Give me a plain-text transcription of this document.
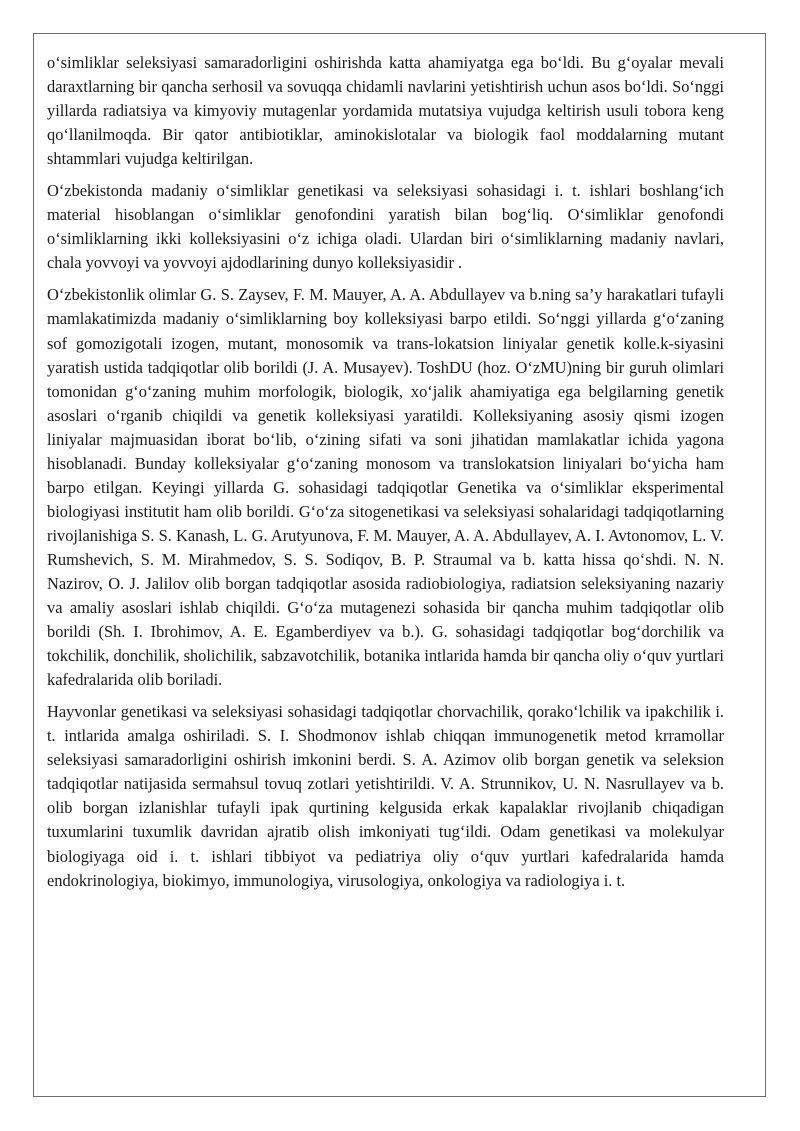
o‘simliklar seleksiyasi samaradorligini oshirishda katta ahamiyatga ega bo‘ldi. Bu g‘oyalar mevali daraxtlarning bir qancha serhosil va sovuqqa chidamli navlarini yetishtirish uchun asos bo‘ldi. So‘nggi yillarda radiatsiya va kimyoviy mutagenlar yordamida mutatsiya vujudga keltirish usuli tobora keng qo‘llanilmoqda. Bir qator antibiotiklar, aminokislotalar va biologik faol moddalarning mutant shtammlari vujudga keltirilgan.

O‘zbekistonda madaniy o‘simliklar genetikasi va seleksiyasi sohasidagi i. t. ishlari boshlang‘ich material hisoblangan o‘simliklar genofondini yaratish bilan bog‘liq. O‘simliklar genofondi o‘simliklarning ikki kolleksiyasini o‘z ichiga oladi. Ulardan biri o‘simliklarning madaniy navlari, chala yovvoyi va yovvoyi ajdodlarining dunyo kolleksiyasidir .

O‘zbekistonlik olimlar G. S. Zaysev, F. M. Mauyer, A. A. Abdullayev va b.ning sa’y harakatlari tufayli mamlakatimizda madaniy o‘simliklarning boy kolleksiyasi barpo etildi. So‘nggi yillarda g‘o‘zaning sof gomozigotali izogen, mutant, monosomik va trans-lokatsion liniyalar genetik kolle.k-siyasini yaratish ustida tadqiqotlar olib borildi (J. A. Musayev). ToshDU (hoz. O‘zMU)ning bir guruh olimlari tomonidan g‘o‘zaning muhim morfologik, biologik, xo‘jalik ahamiyatiga ega belgilarning genetik asoslari o‘rganib chiqildi va genetik kolleksiyasi yaratildi. Kolleksiyaning asosiy qismi izogen liniyalar majmuasidan iborat bo‘lib, o‘zining sifati va soni jihatidan mamlakatlar ichida yagona hisoblanadi. Bunday kolleksiyalar g‘o‘zaning monosom va translokatsion liniyalari bo‘yicha ham barpo etilgan. Keyingi yillarda G. sohasidagi tadqiqotlar Genetika va o‘simliklar eksperimental biologiyasi institutit ham olib borildi. G‘o‘za sitogenetikasi va seleksiyasi sohalaridagi tadqiqotlarning rivojlanishiga S. S. Kanash, L. G. Arutyunova, F. M. Mauyer, A. A. Abdullayev, A. I. Avtonomov, L. V. Rumshevich, S. M. Mirahmedov, S. S. Sodiqov, B. P. Straumal va b. katta hissa qo‘shdi. N. N. Nazirov, O. J. Jalilov olib borgan tadqiqotlar asosida radiobiologiya, radiatsion seleksiyaning nazariy va amaliy asoslari ishlab chiqildi. G‘o‘za mutagenezi sohasida bir qancha muhim tadqiqotlar olib borildi (Sh. I. Ibrohimov, A. E. Egamberdiyev va b.). G. sohasidagi tadqiqotlar bog‘dorchilik va tokchilik, donchilik, sholichilik, sabzavotchilik, botanika intlarida hamda bir qancha oliy o‘quv yurtlari kafedralarida olib boriladi.

Hayvonlar genetikasi va seleksiyasi sohasidagi tadqiqotlar chorvachilik, qorako‘lchilik va ipakchilik i. t. intlarida amalga oshiriladi. S. I. Shodmonov ishlab chiqqan immunogenetik metod krramollar seleksiyasi samaradorligini oshirish imkonini berdi. S. A. Azimov olib borgan genetik va seleksion tadqiqotlar natijasida sermahsul tovuq zotlari yetishtirildi. V. A. Strunnikov, U. N. Nasrullayev va b. olib borgan izlanishlar tufayli ipak qurtining kelgusida erkak kapalaklar rivojlanib chiqadigan tuxumlarini tuxumlik davridan ajratib olish imkoniyati tug‘ildi. Odam genetikasi va molekulyar biologiyaga oid i. t. ishlari tibbiyot va pediatriya oliy o‘quv yurtlari kafedralarida hamda endokrinologiya, biokimyo, immunologiya, virusologiya, onkologiya va radiologiya i. t.
